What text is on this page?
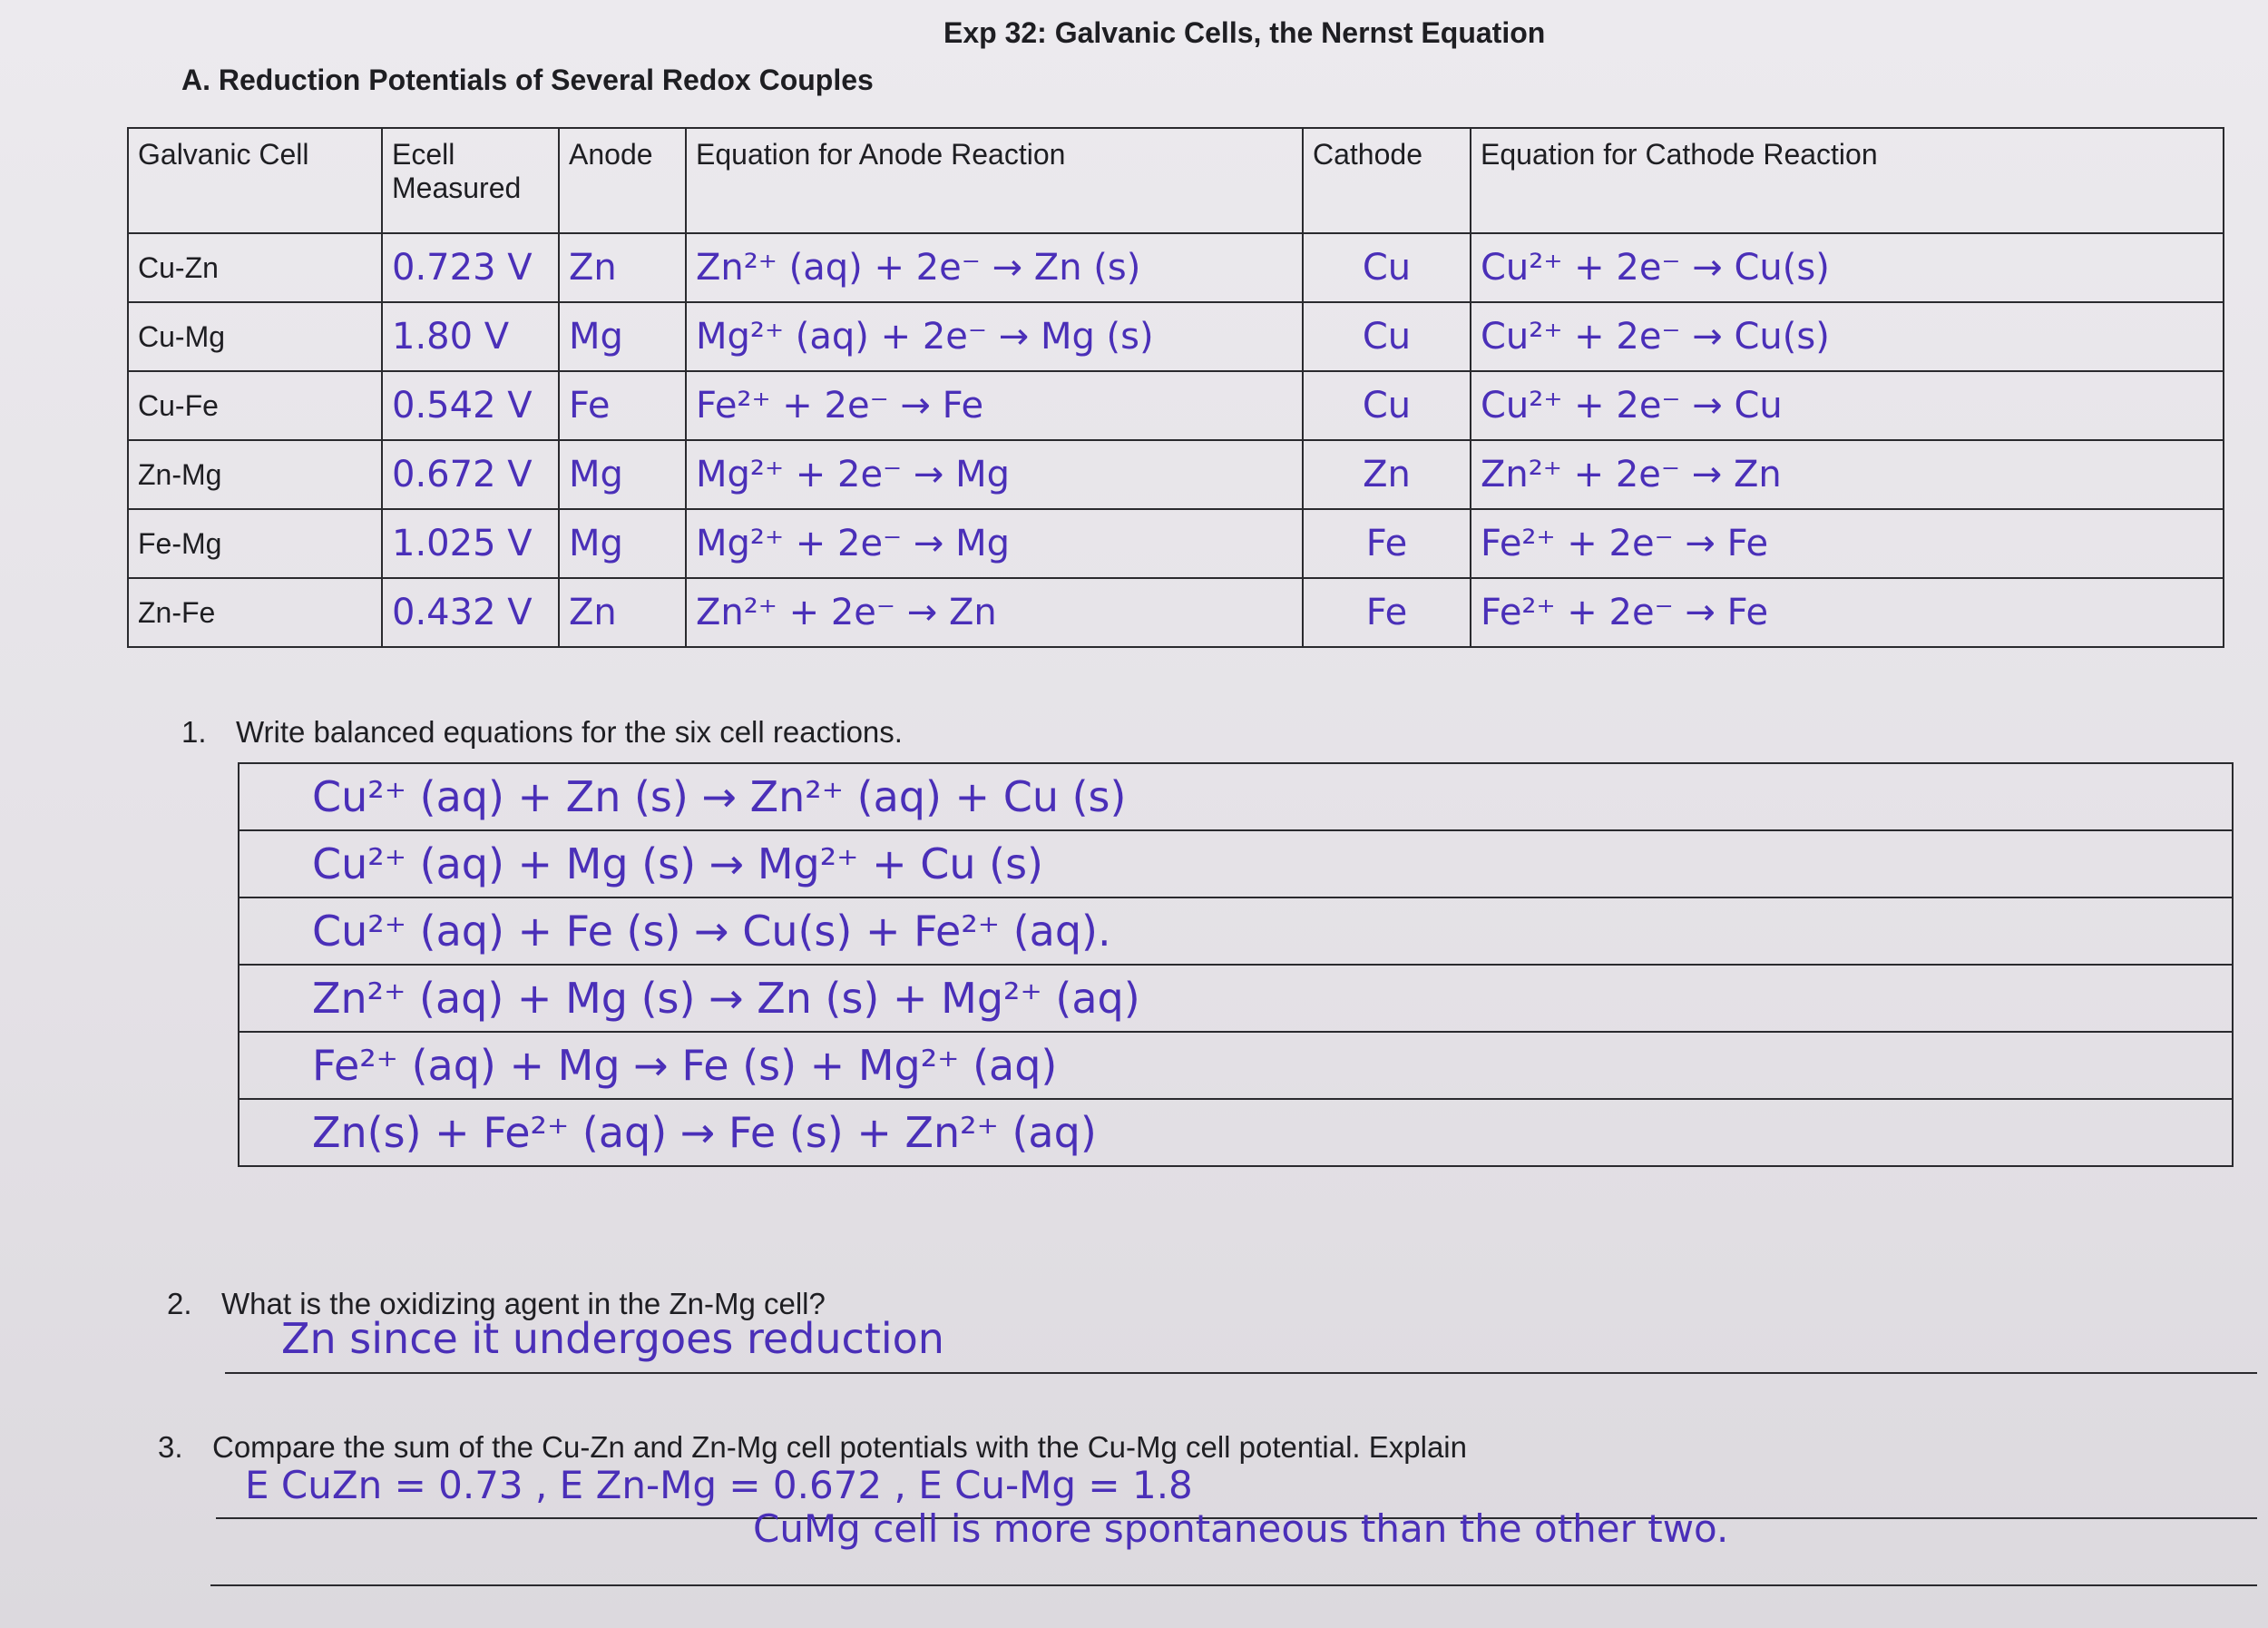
Exp 32: Galvanic Cells, the Nernst Equation
A. Reduction Potentials of Several Redox Couples
Galvanic Cell	Ecell Measured	Anode	Equation for Anode Reaction	Cathode	Equation for Cathode Reaction
Cu-Zn	0.723 V	Zn	Zn²⁺ (aq) + 2e⁻ → Zn (s)	Cu	Cu²⁺ + 2e⁻ → Cu(s)
Cu-Mg	1.80 V	Mg	Mg²⁺ (aq) + 2e⁻ → Mg (s)	Cu	Cu²⁺ + 2e⁻ → Cu(s)
Cu-Fe	0.542 V	Fe	Fe²⁺ + 2e⁻ → Fe	Cu	Cu²⁺ + 2e⁻ → Cu
Zn-Mg	0.672 V	Mg	Mg²⁺ + 2e⁻ → Mg	Zn	Zn²⁺ + 2e⁻ → Zn
Fe-Mg	1.025 V	Mg	Mg²⁺ + 2e⁻ → Mg	Fe	Fe²⁺ + 2e⁻ → Fe
Zn-Fe	0.432 V	Zn	Zn²⁺ + 2e⁻ → Zn	Fe	Fe²⁺ + 2e⁻ → Fe
1. Write balanced equations for the six cell reactions.
Cu²⁺ (aq) + Zn (s) → Zn²⁺ (aq) + Cu (s)
Cu²⁺ (aq) + Mg (s) → Mg²⁺ + Cu (s)
Cu²⁺ (aq) + Fe (s) → Cu(s) + Fe²⁺ (aq).
Zn²⁺ (aq) + Mg (s) → Zn (s) + Mg²⁺ (aq)
Fe²⁺ (aq) + Mg → Fe (s) + Mg²⁺ (aq)
Zn(s) + Fe²⁺ (aq) → Fe (s) + Zn²⁺ (aq)
2. What is the oxidizing agent in the Zn-Mg cell?
Zn since it undergoes reduction
3. Compare the sum of the Cu-Zn and Zn-Mg cell potentials with the Cu-Mg cell potential. Explain
E CuZn = 0.73 , E Zn-Mg = 0.672 , E Cu-Mg = 1.8
CuMg cell is more spontaneous than the other two.
